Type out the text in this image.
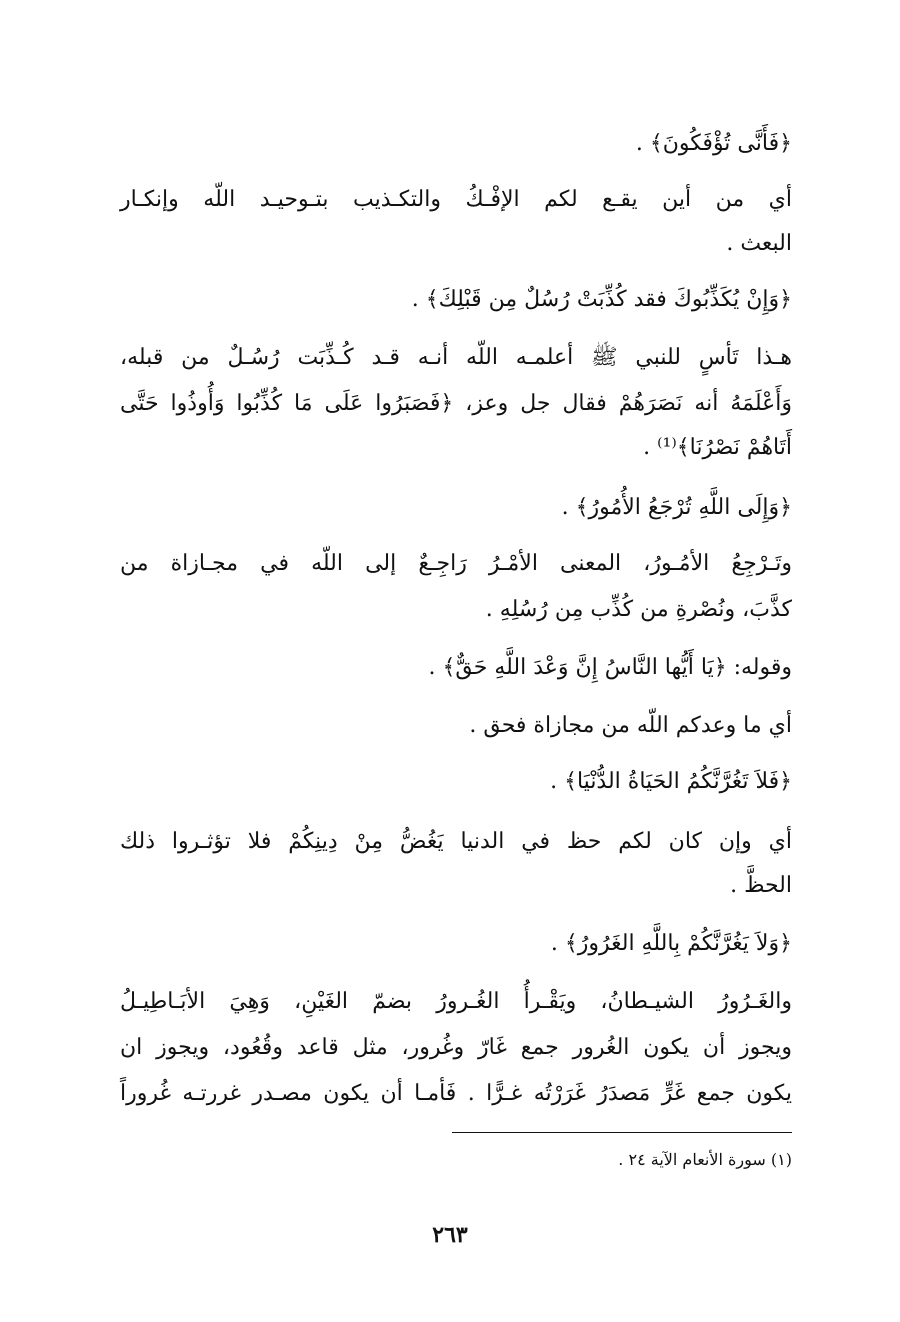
﴿فَأَنَّى تُؤْفَكُونَ﴾ .
أي من أين يقـع لكم الإفْـكُ والتكـذيب بتـوحيـد اللّه وإنكـار
البعث .
﴿وَإِنْ يُكَذِّبُوكَ فقد كُذِّبَتْ رُسُلٌ مِن قَبْلِكَ﴾ .
هـذا تَأسٍ للنبي ﷺ أعلمـه اللّه أنـه قـد كُـذِّبَت رُسُـلٌ من قبله،
وَأَعْلَمَهُ أنه نَصَرَهُمْ فقال جل وعز، ﴿فَصَبَرُوا عَلَى مَا كُذِّبُوا وَأُوذُوا حَتَّى
أَتَاهُمْ نَصْرُنَا﴾⁽¹⁾ .
﴿وَإِلَى اللَّهِ تُرْجَعُ الأُمُورُ﴾ .
وتَـرْجِعُ الأمُـورُ، المعنى الأمْـرُ رَاجِـعٌ إلى اللّه في مجـازاة من
كذَّبَ، ونُصْرةِ من كُذِّب مِن رُسُلِهِ .
وقوله: ﴿يَا أَيُّها النَّاسُ إِنَّ وَعْدَ اللَّهِ حَقٌّ﴾ .
أي ما وعدكم اللّه من مجازاة فحق .
﴿فَلاَ تَغُرَّنَّكُمُ الحَيَاةُ الدُّنْيَا﴾ .
أي وإن كان لكم حظ في الدنيا يَغُضُّ مِنْ دِينِكُمْ فلا تؤثـروا ذلك
الحظَّ .
﴿وَلاَ يَغُرَّنَّكُمْ بِاللَّهِ الغَرُورُ﴾ .
والغَـرُورُ الشيـطانُ، ويَقْـرأُ الغُـرورُ بضمّ الغَيْنِ، وَهِيَ الأبَـاطِيـلُ
ويجوز أن يكون الغُرور جمع غَارّ وغُرور، مثل قاعد وقُعُود، ويجوز ان
يكون جمع غَرٍّ مَصدَرُ غَرَرْتُه غـرًّا . فَأمـا أن يكون مصـدر غررتـه غُروراً
(١) سورة الأنعام الآية ٢٤ .
٢٦٣
